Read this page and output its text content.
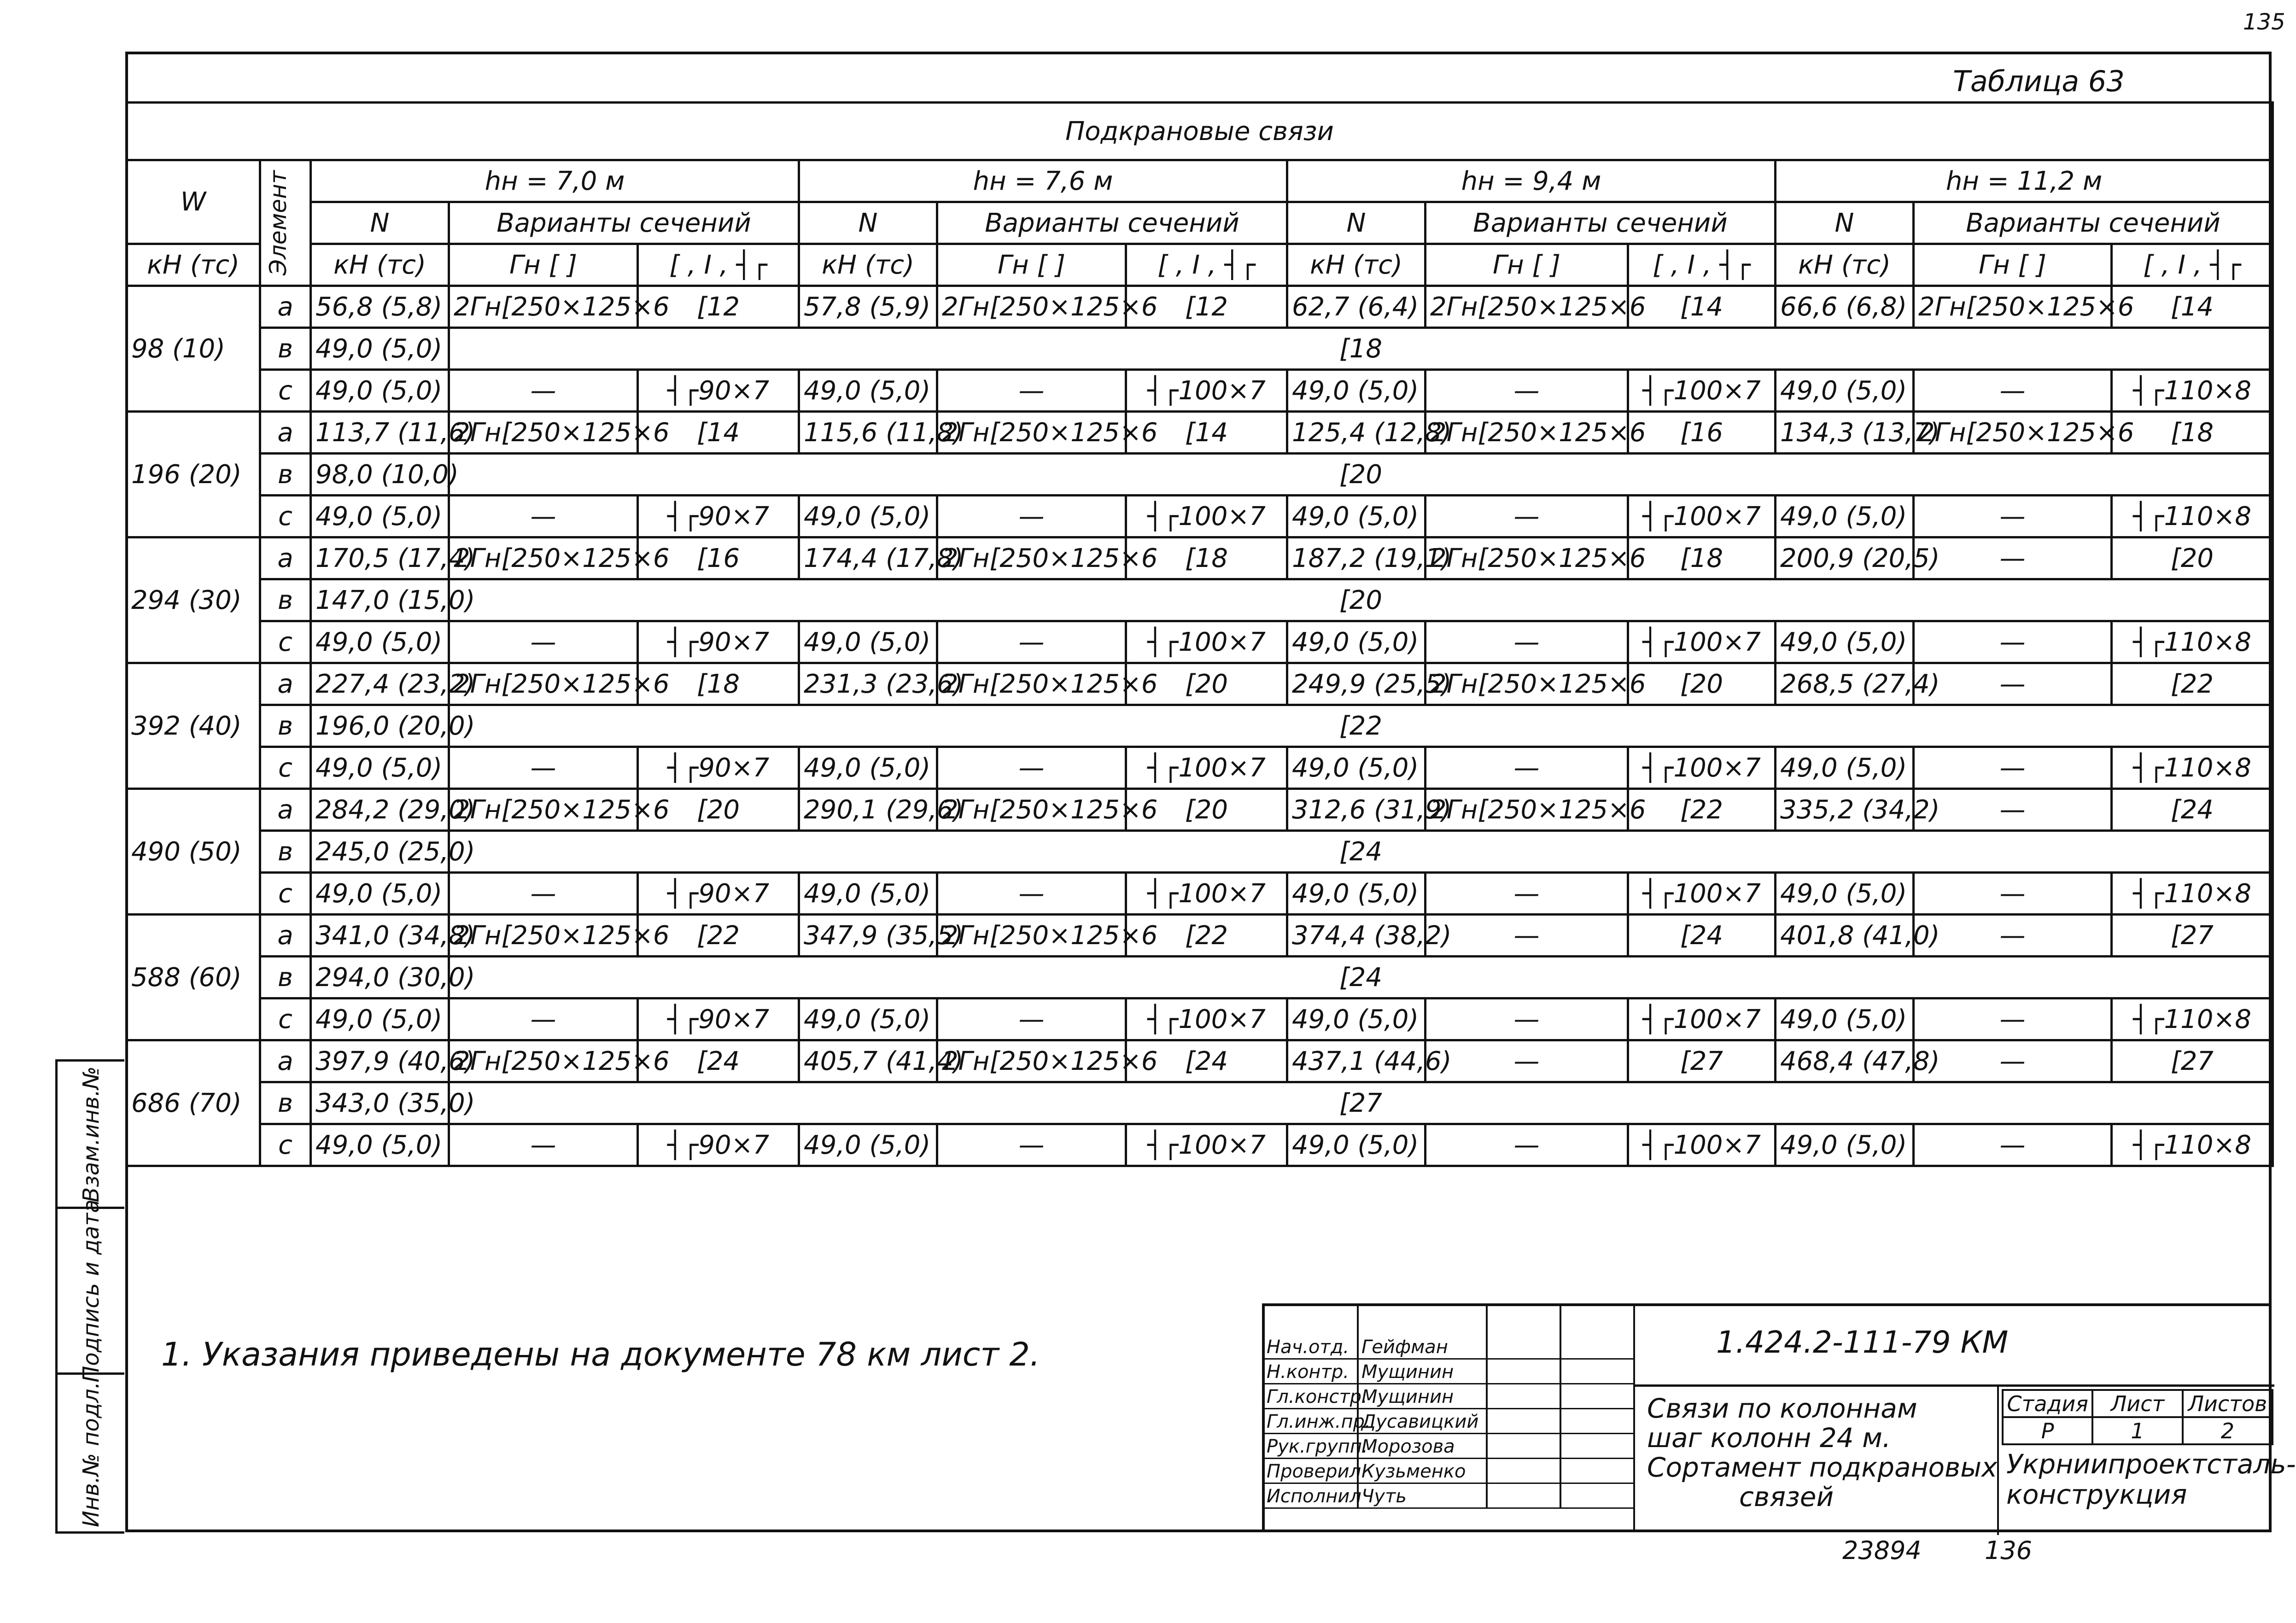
135
Взам.инв.№
Подпись и дата
Инв.№ подл.
Таблица 63
Подкрановые связи													
W	Элемент	hн = 7,0 м			hн = 7,6 м			hн = 9,4 м			hн = 11,2 м		
		N	Варианты сечений		N	Варианты сечений		N	Варианты сечений		N	Варианты сечений	
кН (тс)		кН (тс)	Гн [ ]	[ , I , ┤┌	кН (тс)	Гн [ ]	[ , I , ┤┌	кН (тс)	Гн [ ]	[ , I , ┤┌	кН (тс)	Гн [ ]	[ , I , ┤┌
98 (10)	а	56,8 (5,8)	2Гн[250×125×6	[12	57,8 (5,9)	2Гн[250×125×6	[12	62,7 (6,4)	2Гн[250×125×6	[14	66,6 (6,8)	2Гн[250×125×6	[14
	в	49,0 (5,0)	[18										
	с	49,0 (5,0)	—	┤┌90×7	49,0 (5,0)	—	┤┌100×7	49,0 (5,0)	—	┤┌100×7	49,0 (5,0)	—	┤┌110×8
196 (20)	а	113,7 (11,6)	2Гн[250×125×6	[14	115,6 (11,8)	2Гн[250×125×6	[14	125,4 (12,8)	2Гн[250×125×6	[16	134,3 (13,7)	2Гн[250×125×6	[18
	в	98,0 (10,0)	[20										
	с	49,0 (5,0)	—	┤┌90×7	49,0 (5,0)	—	┤┌100×7	49,0 (5,0)	—	┤┌100×7	49,0 (5,0)	—	┤┌110×8
294 (30)	а	170,5 (17,4)	2Гн[250×125×6	[16	174,4 (17,8)	2Гн[250×125×6	[18	187,2 (19,1)	2Гн[250×125×6	[18	200,9 (20,5)	—	[20
	в	147,0 (15,0)	[20										
	с	49,0 (5,0)	—	┤┌90×7	49,0 (5,0)	—	┤┌100×7	49,0 (5,0)	—	┤┌100×7	49,0 (5,0)	—	┤┌110×8
392 (40)	а	227,4 (23,2)	2Гн[250×125×6	[18	231,3 (23,6)	2Гн[250×125×6	[20	249,9 (25,5)	2Гн[250×125×6	[20	268,5 (27,4)	—	[22
	в	196,0 (20,0)	[22										
	с	49,0 (5,0)	—	┤┌90×7	49,0 (5,0)	—	┤┌100×7	49,0 (5,0)	—	┤┌100×7	49,0 (5,0)	—	┤┌110×8
490 (50)	а	284,2 (29,0)	2Гн[250×125×6	[20	290,1 (29,6)	2Гн[250×125×6	[20	312,6 (31,9)	2Гн[250×125×6	[22	335,2 (34,2)	—	[24
	в	245,0 (25,0)	[24										
	с	49,0 (5,0)	—	┤┌90×7	49,0 (5,0)	—	┤┌100×7	49,0 (5,0)	—	┤┌100×7	49,0 (5,0)	—	┤┌110×8
588 (60)	а	341,0 (34,8)	2Гн[250×125×6	[22	347,9 (35,5)	2Гн[250×125×6	[22	374,4 (38,2)	—	[24	401,8 (41,0)	—	[27
	в	294,0 (30,0)	[24										
	с	49,0 (5,0)	—	┤┌90×7	49,0 (5,0)	—	┤┌100×7	49,0 (5,0)	—	┤┌100×7	49,0 (5,0)	—	┤┌110×8
686 (70)	а	397,9 (40,6)	2Гн[250×125×6	[24	405,7 (41,4)	2Гн[250×125×6	[24	437,1 (44,6)	—	[27	468,4 (47,8)	—	[27
	в	343,0 (35,0)	[27										
	с	49,0 (5,0)	—	┤┌90×7	49,0 (5,0)	—	┤┌100×7	49,0 (5,0)	—	┤┌100×7	49,0 (5,0)	—	┤┌110×8
1. Указания приведены на документе 78 км лист 2.	Нач.отд. Гейфман
Н.контр. Мущинин
Гл.констр.
Мущинин
Гл.инж.пр.
Дусавицкий
Рук.групп.
Морозова
Проверил Кузьменко
Исполнил Чуть
1.424.2-111-79 КМ
Связи по колоннам
шаг колонн 24 м.
Сортамент подкрановых
связей
Стадия	Лист	Листов
Р	1	2
Укрниипроектсталь-
конструкция
23894	136
